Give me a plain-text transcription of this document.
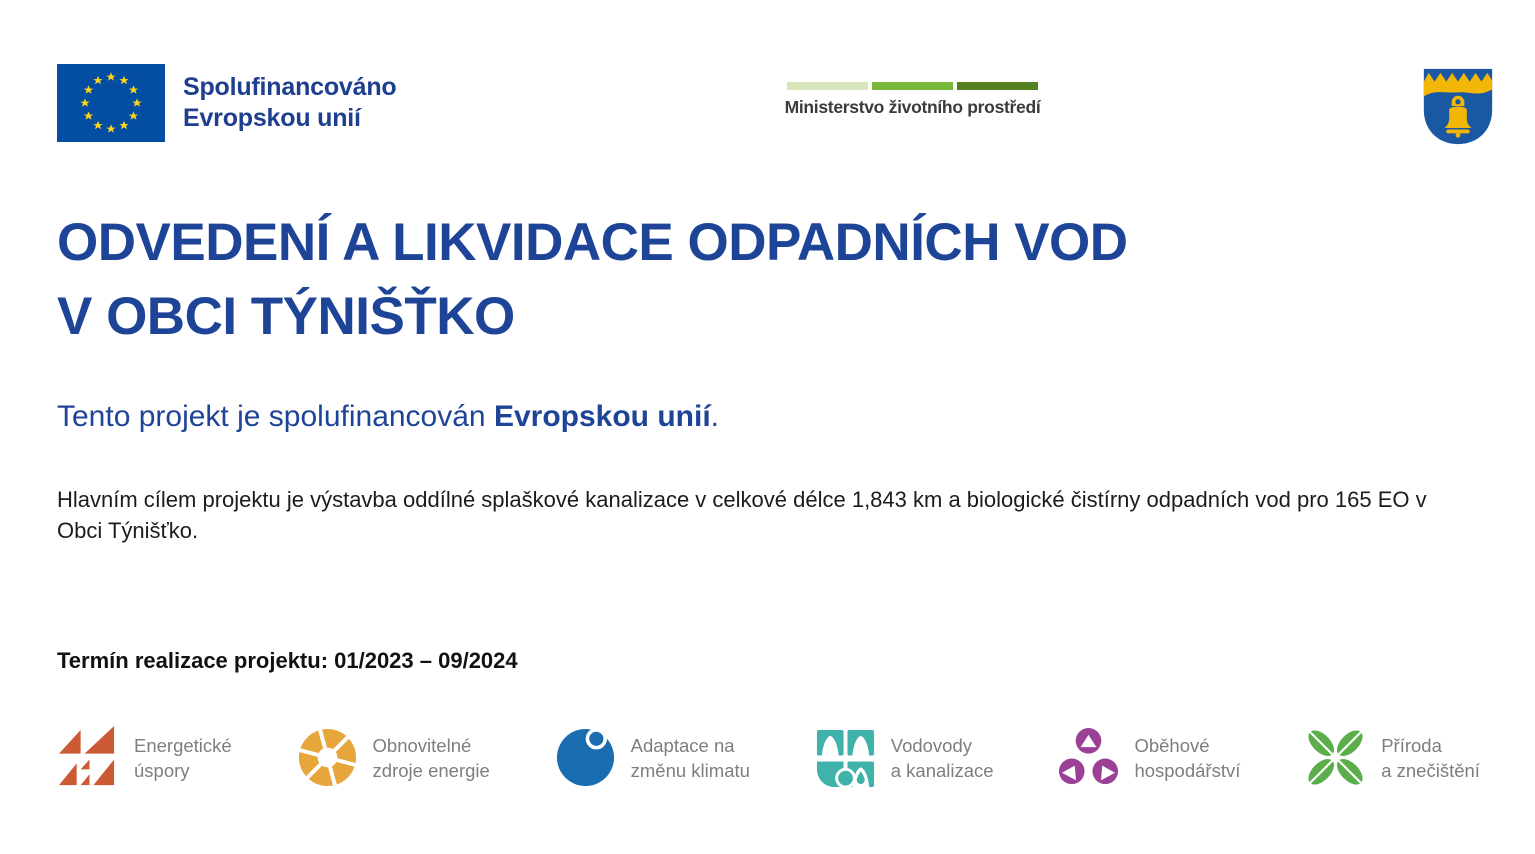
Spolufinancováno
Evropskou unií	Ministerstvo životního prostředí
ODVEDENÍ A LIKVIDACE ODPADNÍCH VOD
V OBCI TÝNIŠŤKO

Tento projekt je spolufinancován Evropskou unií.

Hlavním cílem projektu je výstavba oddílné splaškové kanalizace v celkové délce 1,843 km a biologické čistírny odpadních vod pro 165 EO v Obci Týnišťko.

Termín realizace projektu: 01/2023 – 09/2024

Energetické
úspory
Obnovitelné
zdroje energie
Adaptace na
změnu klimatu
Vodovody
a kanalizace
Oběhové
hospodářství
Příroda
a znečištění
